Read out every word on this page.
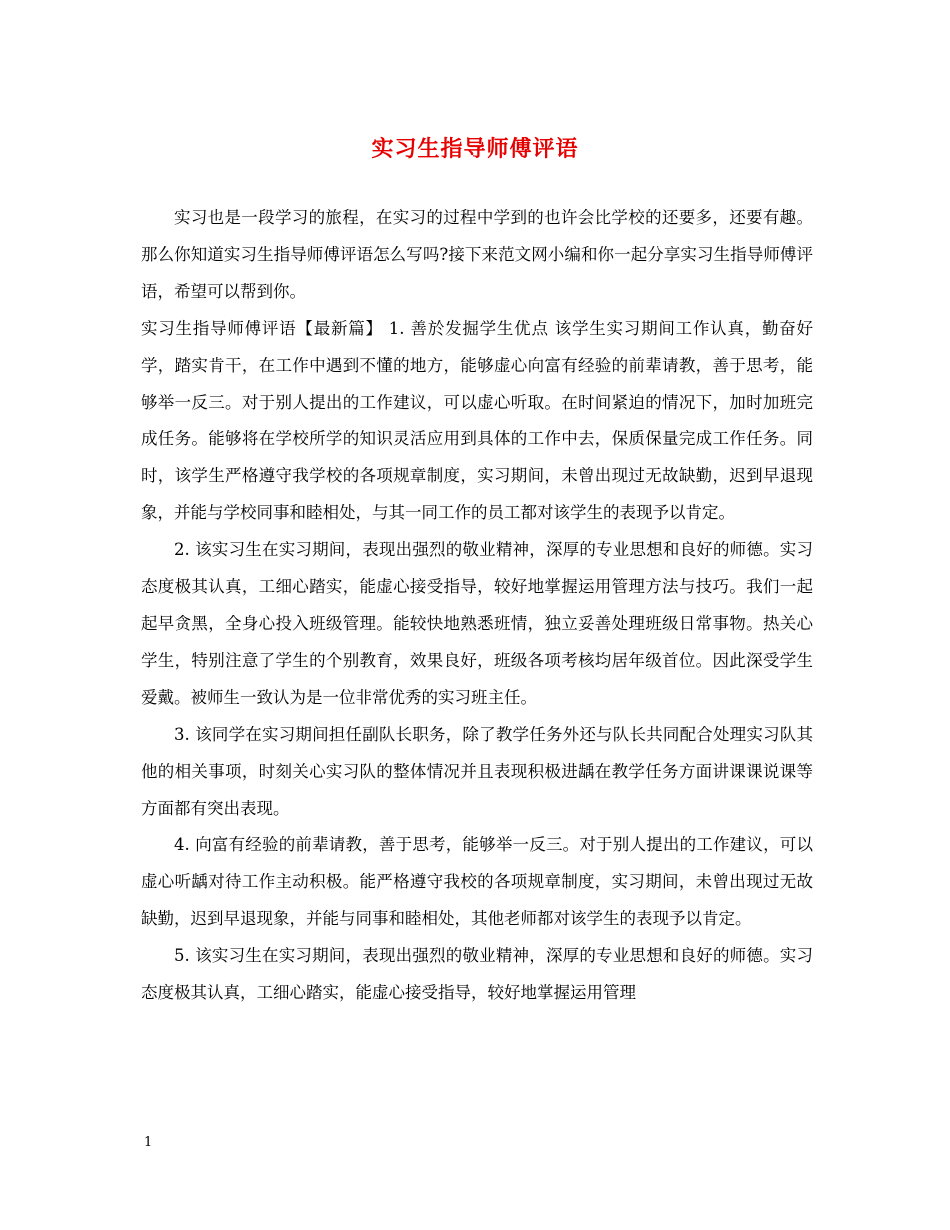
实习生指导师傅评语

实习也是一段学习的旅程，在实习的过程中学到的也许会比学校的还要多，还要有趣。那么你知道实习生指导师傅评语怎么写吗?接下来范文网小编和你一起分享实习生指导师傅评语，希望可以帮到你。

实习生指导师傅评语【最新篇】 1. 善於发掘学生优点 该学生实习期间工作认真，勤奋好学，踏实肯干，在工作中遇到不懂的地方，能够虚心向富有经验的前辈请教，善于思考，能够举一反三。对于别人提出的工作建议，可以虚心听取。在时间紧迫的情况下，加时加班完成任务。能够将在学校所学的知识灵活应用到具体的工作中去，保质保量完成工作任务。同时，该学生严格遵守我学校的各项规章制度，实习期间，未曾出现过无故缺勤，迟到早退现象，并能与学校同事和睦相处，与其一同工作的员工都对该学生的表现予以肯定。

2. 该实习生在实习期间，表现出强烈的敬业精神，深厚的专业思想和良好的师德。实习态度极其认真，工细心踏实，能虚心接受指导，较好地掌握运用管理方法与技巧。我们一起起早贪黑，全身心投入班级管理。能较快地熟悉班情，独立妥善处理班级日常事物。热关心学生，特别注意了学生的个别教育，效果良好，班级各项考核均居年级首位。因此深受学生爱戴。被师生一致认为是一位非常优秀的实习班主任。

3. 该同学在实习期间担任副队长职务，除了教学任务外还与队长共同配合处理实习队其他的相关事项，时刻关心实习队的整体情况并且表现积极进龋在教学任务方面讲课课说课等方面都有突出表现。

4. 向富有经验的前辈请教，善于思考，能够举一反三。对于别人提出的工作建议，可以虚心听龋对待工作主动积极。能严格遵守我校的各项规章制度，实习期间，未曾出现过无故缺勤，迟到早退现象，并能与同事和睦相处，其他老师都对该学生的表现予以肯定。

5. 该实习生在实习期间，表现出强烈的敬业精神，深厚的专业思想和良好的师德。实习态度极其认真，工细心踏实，能虚心接受指导，较好地掌握运用管理

1
